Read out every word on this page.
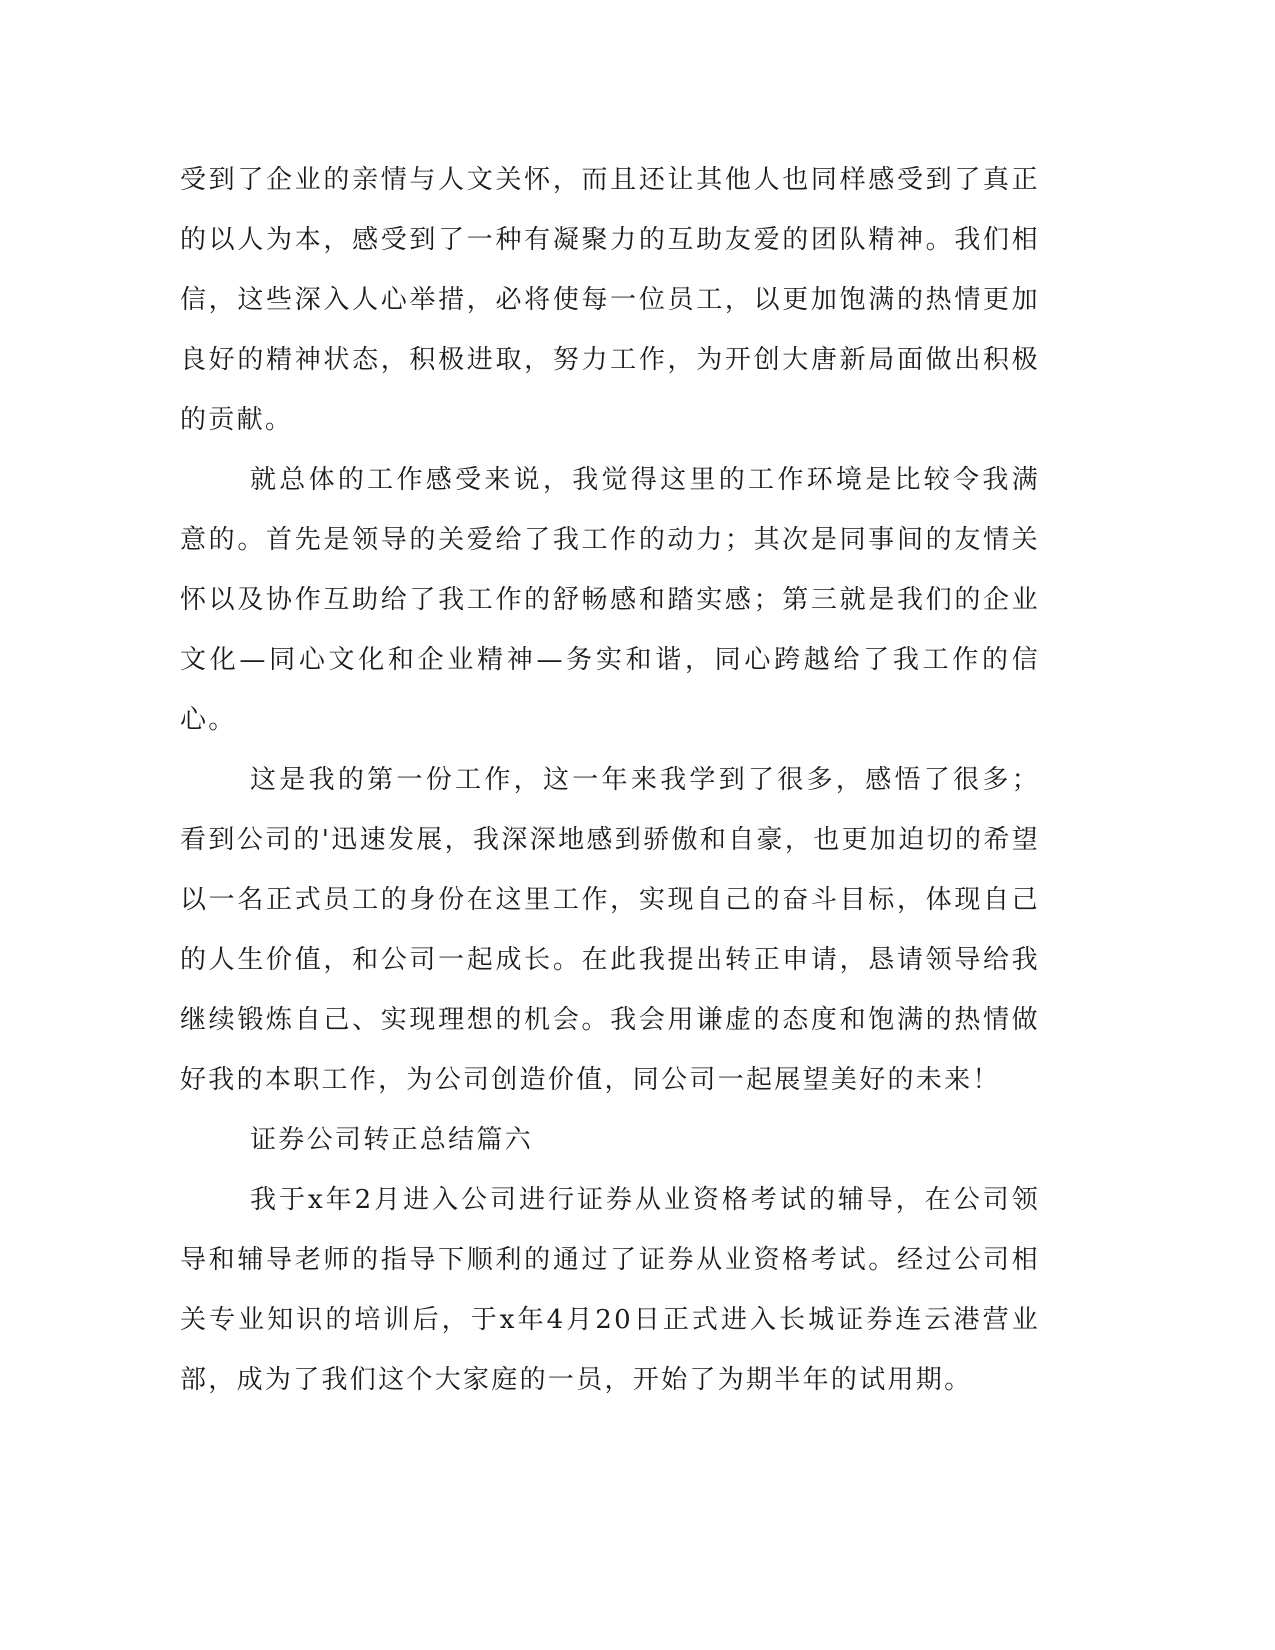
受到了企业的亲情与人文关怀，而且还让其他人也同样感受到了真正的以人为本，感受到了一种有凝聚力的互助友爱的团队精神。我们相信，这些深入人心举措，必将使每一位员工，以更加饱满的热情更加良好的精神状态，积极进取，努力工作，为开创大唐新局面做出积极的贡献。

就总体的工作感受来说，我觉得这里的工作环境是比较令我满意的。首先是领导的关爱给了我工作的动力；其次是同事间的友情关怀以及协作互助给了我工作的舒畅感和踏实感；第三就是我们的企业文化—同心文化和企业精神—务实和谐，同心跨越给了我工作的信心。

这是我的第一份工作，这一年来我学到了很多，感悟了很多；看到公司的'迅速发展，我深深地感到骄傲和自豪，也更加迫切的希望以一名正式员工的身份在这里工作，实现自己的奋斗目标，体现自己的人生价值，和公司一起成长。在此我提出转正申请，恳请领导给我继续锻炼自己、实现理想的机会。我会用谦虚的态度和饱满的热情做好我的本职工作，为公司创造价值，同公司一起展望美好的未来！

证券公司转正总结篇六

我于x年2月进入公司进行证券从业资格考试的辅导，在公司领导和辅导老师的指导下顺利的通过了证券从业资格考试。经过公司相关专业知识的培训后，于x年4月20日正式进入长城证券连云港营业部，成为了我们这个大家庭的一员，开始了为期半年的试用期。
